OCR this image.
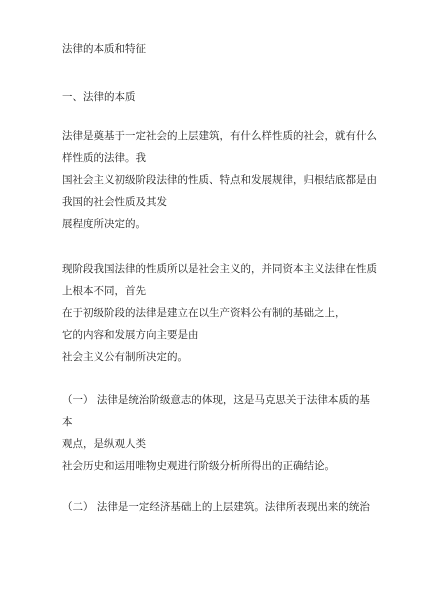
法律的本质和特征
一、法律的本质
法律是奠基于一定社会的上层建筑，有什么样性质的社会，就有什么
样性质的法律。我
国社会主义初级阶段法律的性质、特点和发展规律，归根结底都是由
我国的社会性质及其发
展程度所决定的。
现阶段我国法律的性质所以是社会主义的，并同资本主义法律在性质
上根本不同，首先
在于初级阶段的法律是建立在以生产资料公有制的基础之上，
它的内容和发展方向主要是由
社会主义公有制所决定的。
（一） 法律是统治阶级意志的体现，这是马克思关于法律本质的基
本
观点，是纵观人类
社会历史和运用唯物史观进行阶级分析所得出的正确结论。
（二） 法律是一定经济基础上的上层建筑。法律所表现出来的统治
